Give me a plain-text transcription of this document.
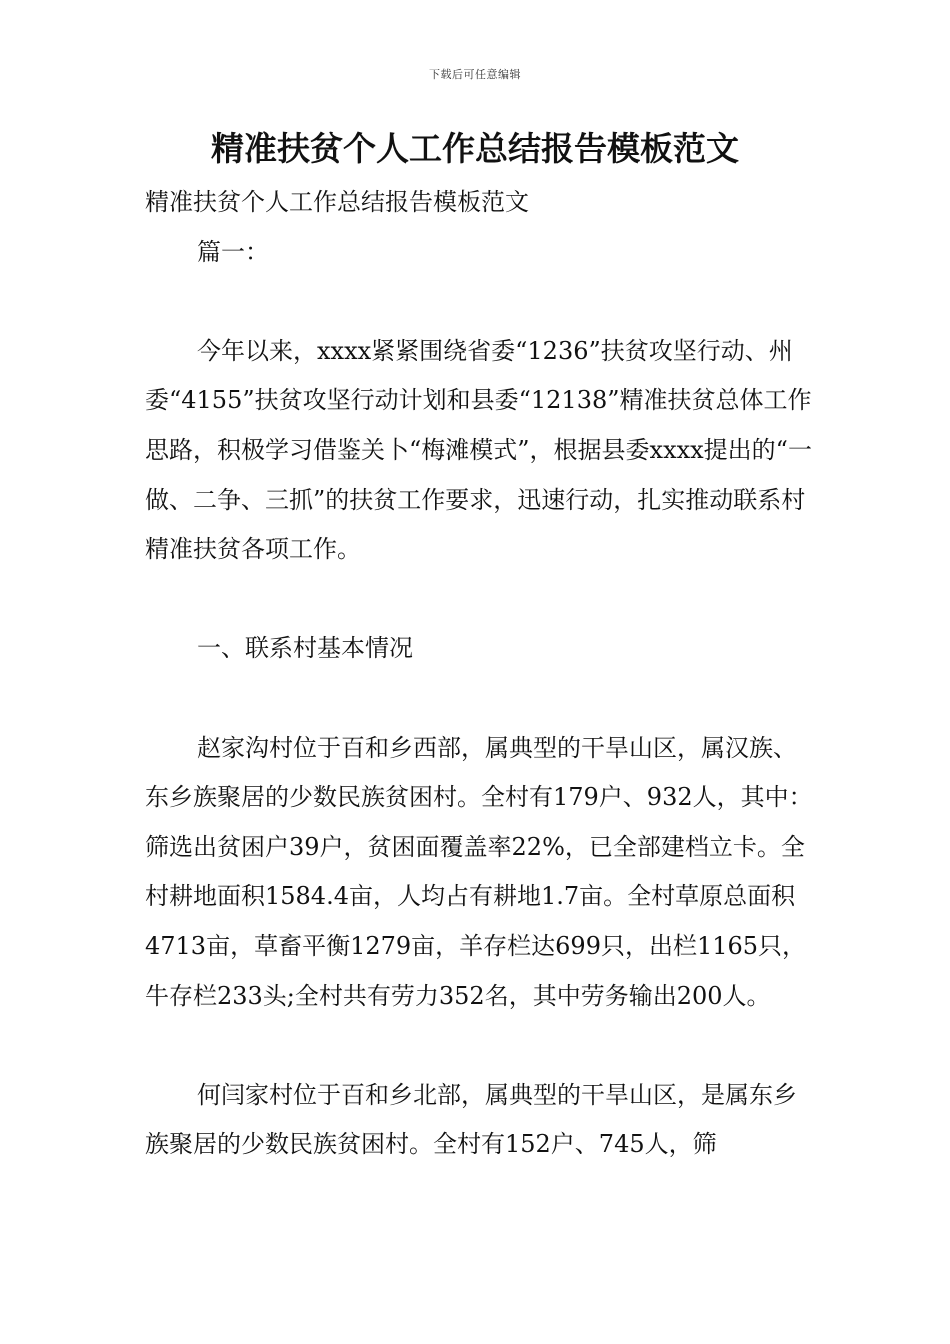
下载后可任意编辑
精准扶贫个人工作总结报告模板范文

精准扶贫个人工作总结报告模板范文

篇一：

今年以来，xxxx紧紧围绕省委“1236”扶贫攻坚行动、州委“4155”扶贫攻坚行动计划和县委“12138”精准扶贫总体工作思路，积极学习借鉴关卜“梅滩模式”，根据县委xxxx提出的“一做、二争、三抓”的扶贫工作要求，迅速行动，扎实推动联系村精准扶贫各项工作。

一、联系村基本情况

赵家沟村位于百和乡西部，属典型的干旱山区，属汉族、东乡族聚居的少数民族贫困村。全村有179户、932人，其中：筛选出贫困户39户，贫困面覆盖率22%，已全部建档立卡。全村耕地面积1584.4亩，人均占有耕地1.7亩。全村草原总面积4713亩，草畜平衡1279亩，羊存栏达699只，出栏1165只，牛存栏233头;全村共有劳力352名，其中劳务输出200人。

何闫家村位于百和乡北部，属典型的干旱山区，是属东乡族聚居的少数民族贫困村。全村有152户、745人，筛
